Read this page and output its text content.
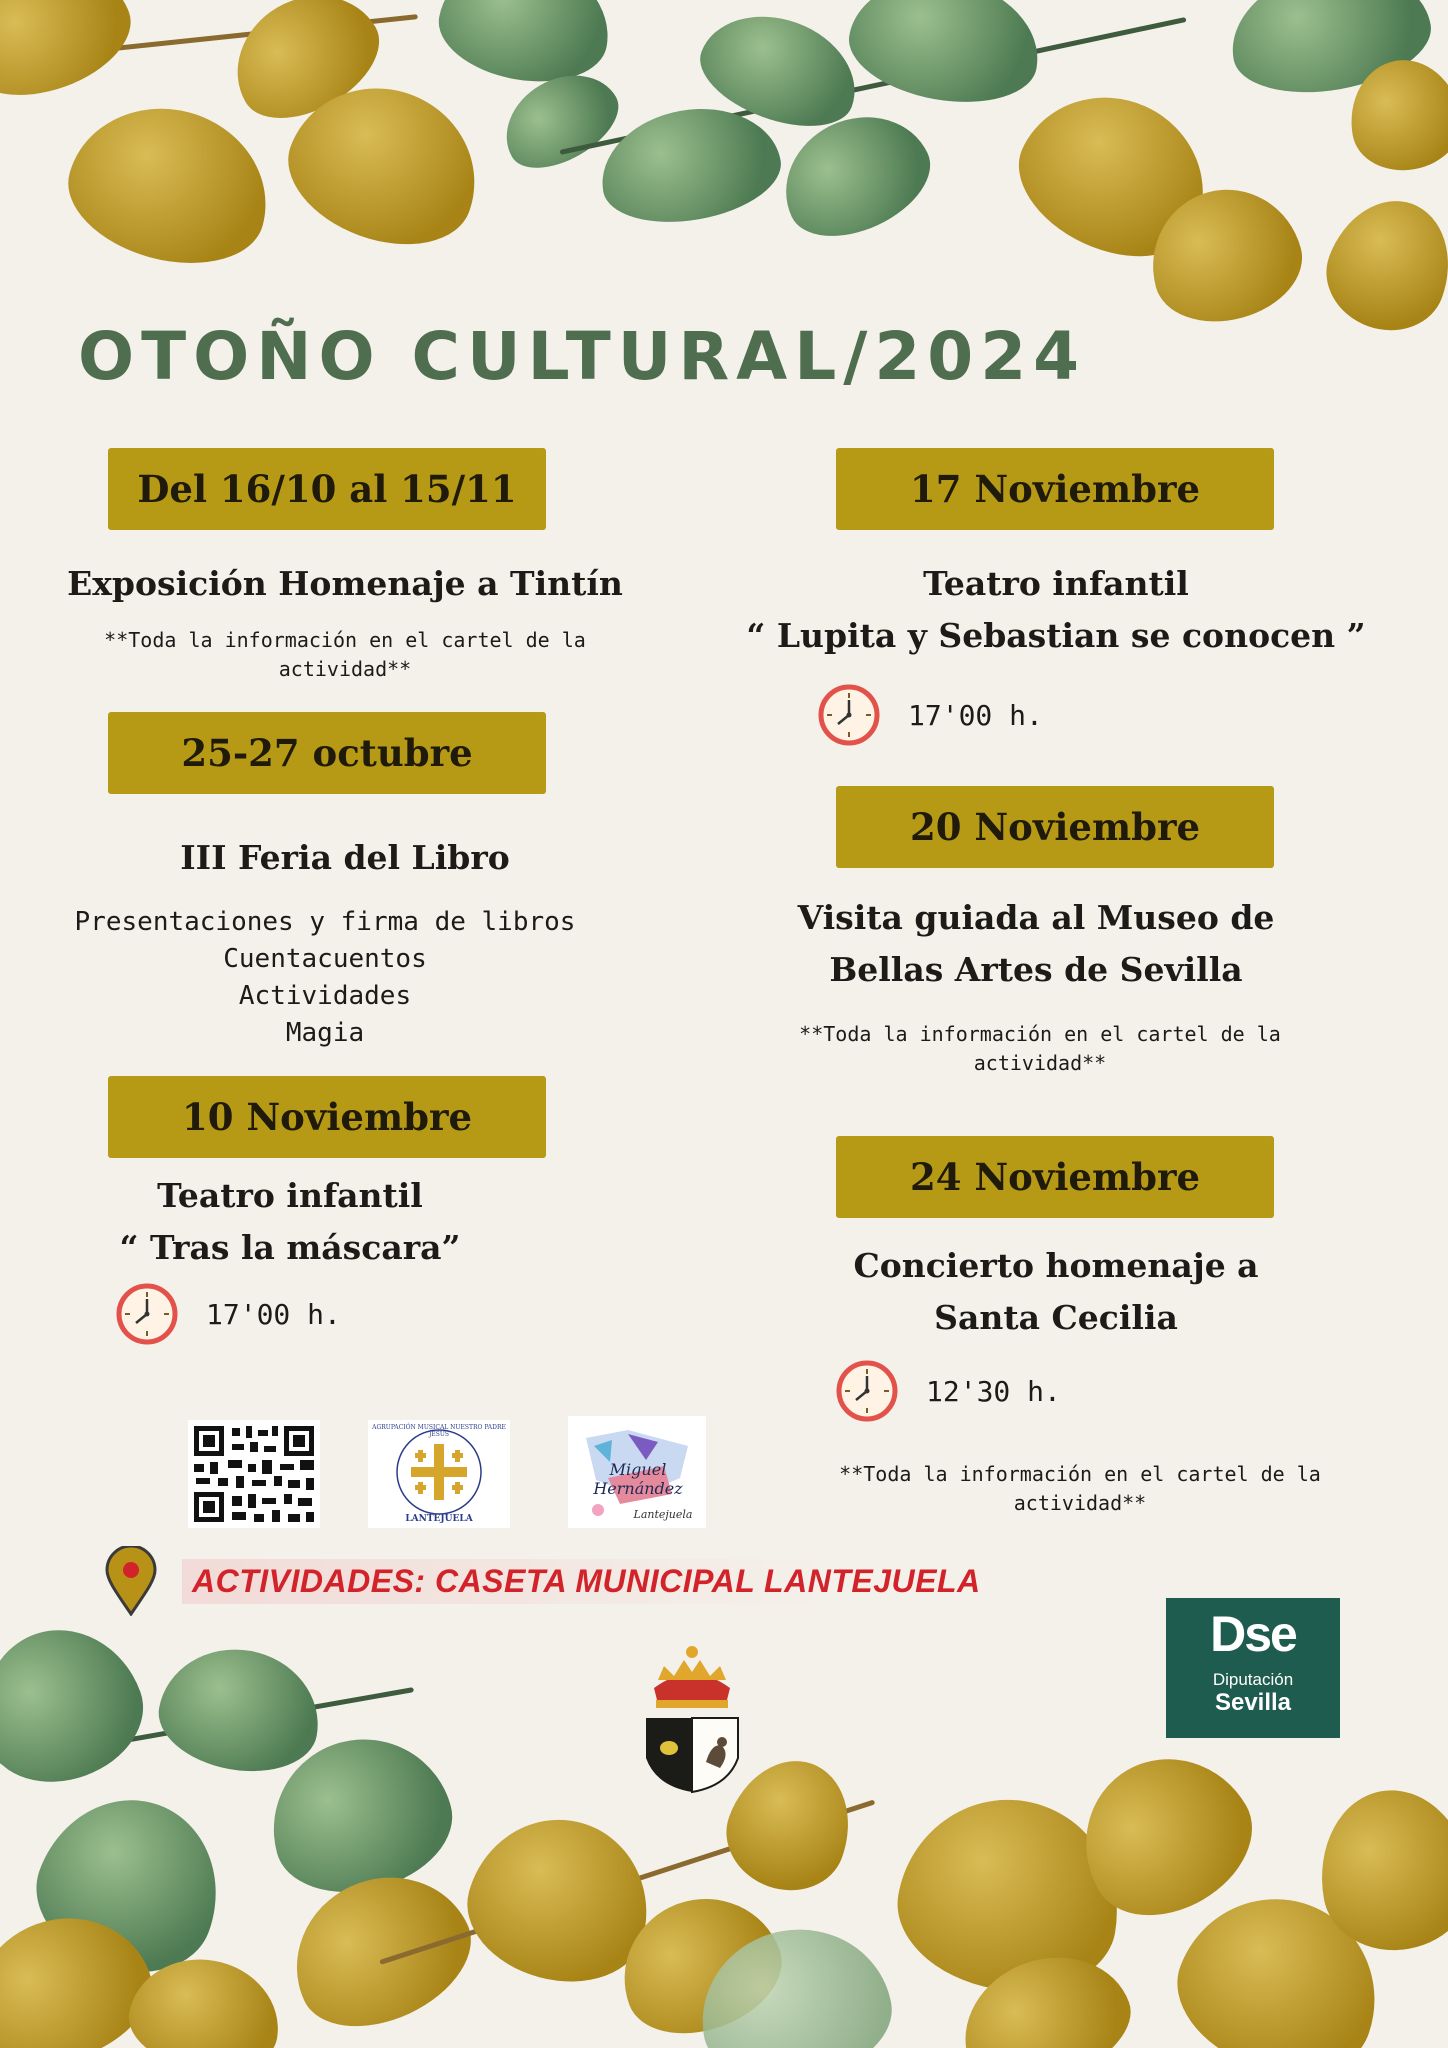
OTOÑO CULTURAL/2024
Del 16/10 al 15/11
Exposición Homenaje a Tintín
**Toda la información en el cartel de la
actividad**
25-27 octubre
III Feria del Libro
Presentaciones y firma de libros
Cuentacuentos
Actividades
Magia
10 Noviembre
Teatro infantil
“ Tras la máscara”
17'00 h.
17 Noviembre
Teatro infantil
“ Lupita y Sebastian se conocen ”
17'00 h.
20 Noviembre
Visita guiada al Museo de
Bellas Artes de Sevilla
**Toda la información en el cartel de la
actividad**
24 Noviembre
Concierto homenaje a
Santa Cecilia
12'30 h.
**Toda la información en el cartel de la
actividad**
AGRUPACIÓN MUSICAL NUESTRO PADRE JESÚS
LANTEJUELA
Miguel Hernández
Lantejuela
ACTIVIDADES: CASETA MUNICIPAL LANTEJUELA
Dse
Diputación
Sevilla
